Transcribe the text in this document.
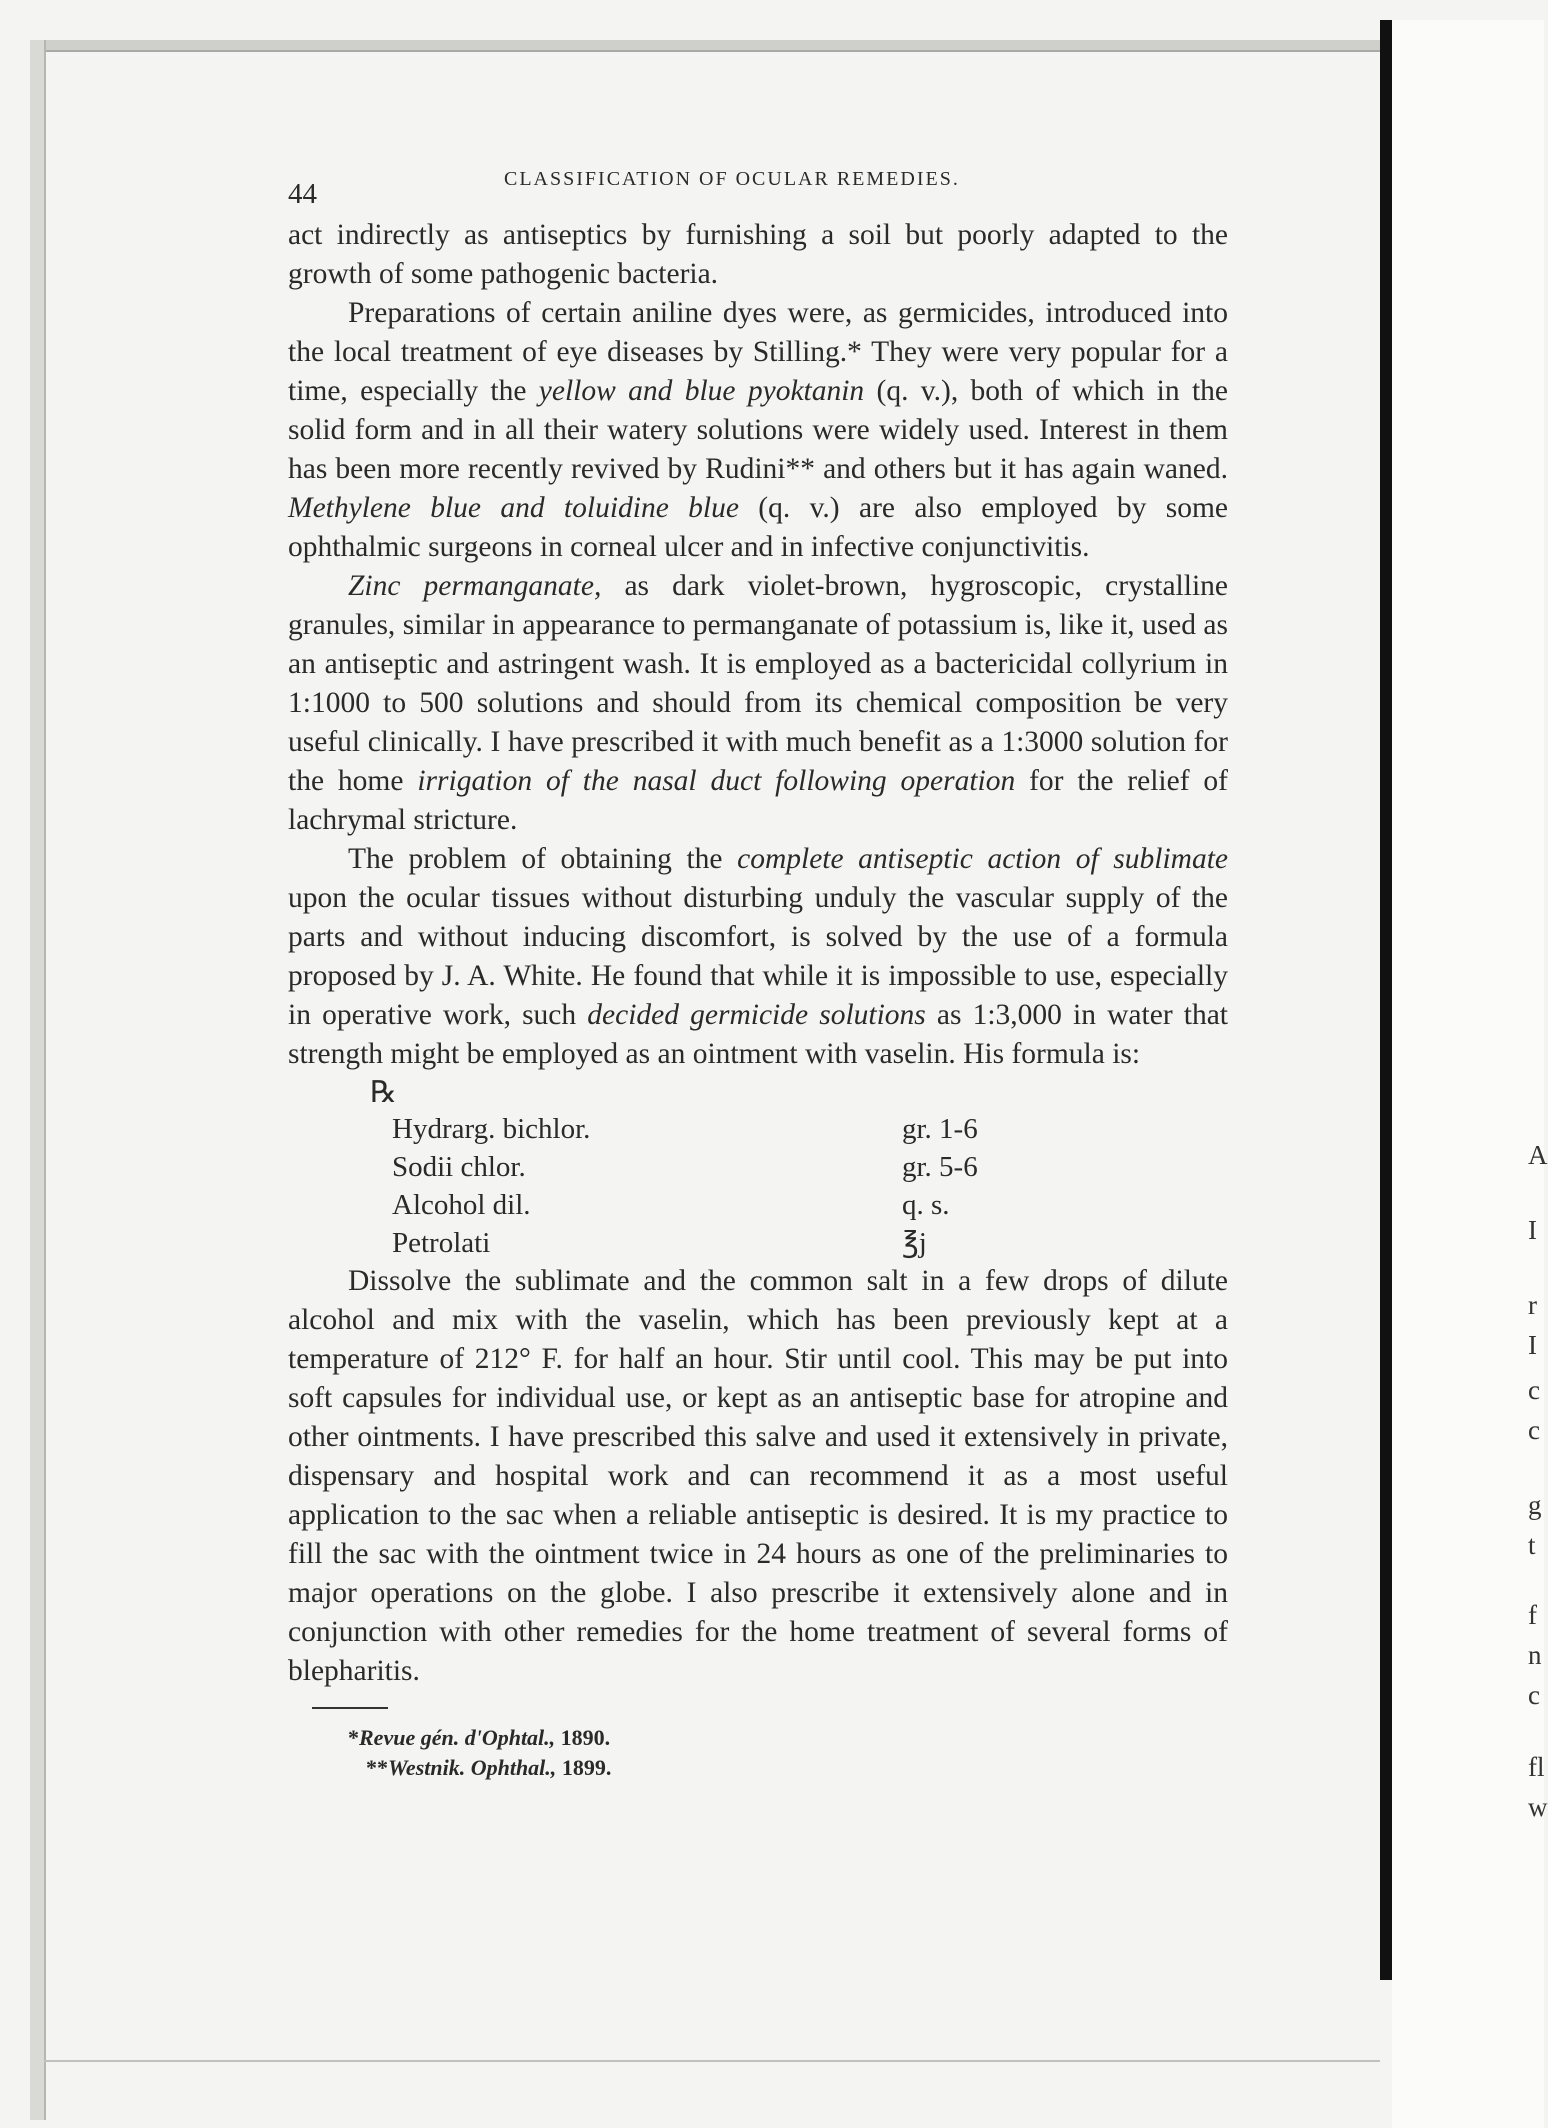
A
I
r
I
c
c
g
t
f
n
c
fl
w
44	CLASSIFICATION OF OCULAR REMEDIES.

act indirectly as antiseptics by furnishing a soil but poorly adapted to the growth of some pathogenic bacteria.

Preparations of certain aniline dyes were, as germicides, introduced into the local treatment of eye diseases by Stilling.* They were very popular for a time, especially the yellow and blue pyoktanin (q. v.), both of which in the solid form and in all their watery solutions were widely used. Interest in them has been more recently revived by Rudini** and others but it has again waned. Methylene blue and toluidine blue (q. v.) are also employed by some ophthalmic surgeons in corneal ulcer and in infective conjunctivitis.

Zinc permanganate, as dark violet-brown, hygroscopic, crystalline granules, similar in appearance to permanganate of potassium is, like it, used as an antiseptic and astringent wash. It is employed as a bactericidal collyrium in 1:1000 to 500 solutions and should from its chemical composition be very useful clinically. I have prescribed it with much benefit as a 1:3000 solution for the home irrigation of the nasal duct following operation for the relief of lachrymal stricture.

The problem of obtaining the complete antiseptic action of sublimate upon the ocular tissues without disturbing unduly the vascular supply of the parts and without inducing discomfort, is solved by the use of a formula proposed by J. A. White. He found that while it is impossible to use, especially in operative work, such decided germicide solutions as 1:3,000 in water that strength might be employed as an ointment with vaselin. His formula is:

℞
Hydrarg. bichlor.	gr. 1-6
Sodii chlor.	gr. 5-6
Alcohol dil.	q. s.
Petrolati	℥j

Dissolve the sublimate and the common salt in a few drops of dilute alcohol and mix with the vaselin, which has been previously kept at a temperature of 212° F. for half an hour. Stir until cool. This may be put into soft capsules for individual use, or kept as an antiseptic base for atropine and other ointments. I have prescribed this salve and used it extensively in private, dispensary and hospital work and can recommend it as a most useful application to the sac when a reliable antiseptic is desired. It is my practice to fill the sac with the ointment twice in 24 hours as one of the preliminaries to major operations on the globe. I also prescribe it extensively alone and in conjunction with other remedies for the home treatment of several forms of blepharitis.

*Revue gén. d'Ophtal., 1890.
**Westnik. Ophthal., 1899.
